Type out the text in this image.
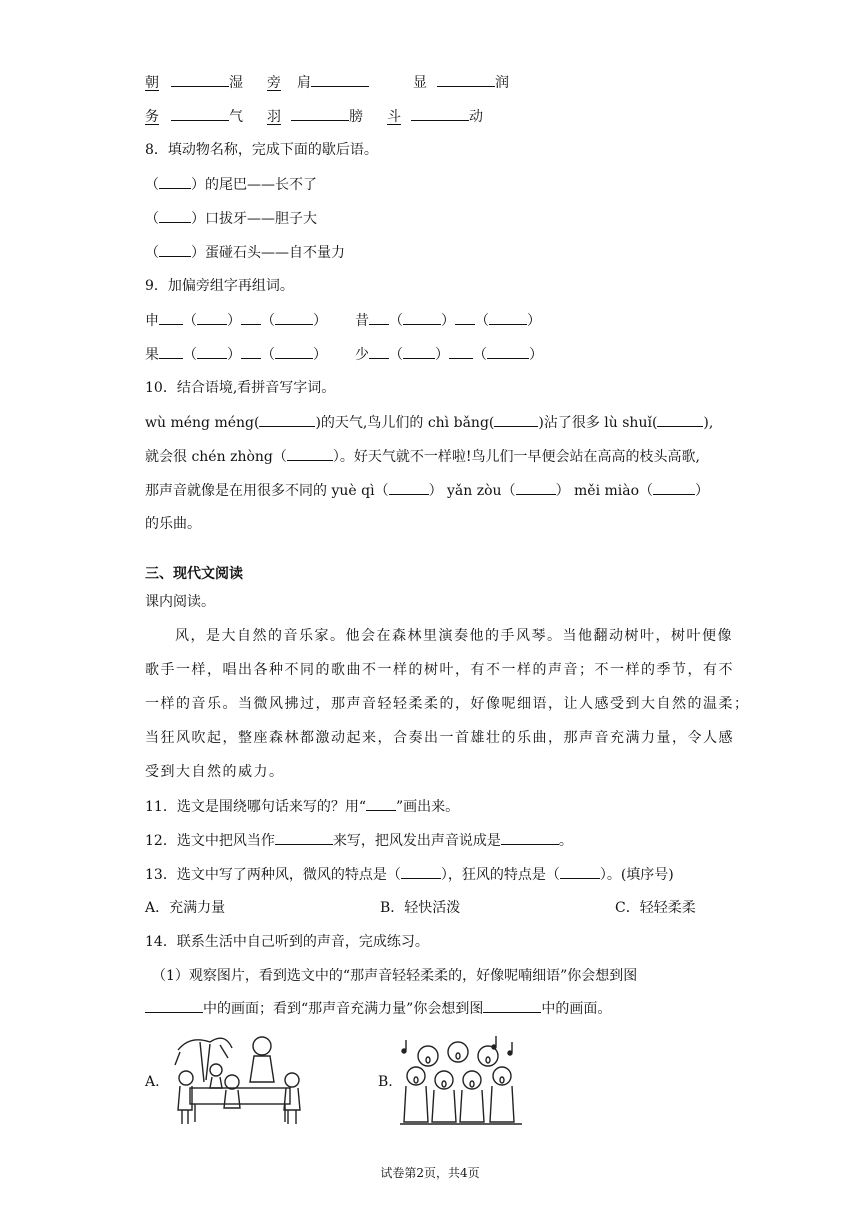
朝	湿 旁 肩	显	润
务	气 羽	膀 斗	动
8．填动物名称，完成下面的歇后语。
（ ）的尾巴——长不了
（ ）口拔牙——胆子大
（ ）蛋碰石头——自不量力
9．加偏旁组字再组词。
申 （ ） （	） 昔 （	） （	）
果 （ ） （	） 少 （ ） （	）
10．结合语境,看拼音写字词。
wù méng méng(	)的天气,鸟儿们的 chì bǎng(	)沾了很多 lù shuǐ(	),
就会很 chén zhòng（	）。好天气就不一样啦!鸟儿们一早便会站在高高的枝头高歌,
那声音就像是在用很多不同的 yuè qì（	） yǎn zòu（	） měi miào（	）
的乐曲。
三、现代文阅读
课内阅读。
风，是大自然的音乐家。他会在森林里演奏他的手风琴。当他翻动树叶，树叶便像
歌手一样，唱出各种不同的歌曲不一样的树叶，有不一样的声音；不一样的季节，有不
一样的音乐。当微风拂过，那声音轻轻柔柔的，好像呢细语，让人感受到大自然的温柔；
当狂风吹起，整座森林都激动起来，合奏出一首雄壮的乐曲，那声音充满力量，令人感
受到大自然的威力。
11．选文是围绕哪句话来写的？用“ ”画出来。
12．选文中把风当作	来写，把风发出声音说成是	。
13．选文中写了两种风，微风的特点是（	），狂风的特点是（	）。(填序号)
A．充满力量	B．轻快活泼	C．轻轻柔柔
14．联系生活中自己听到的声音，完成练习。
（1）观察图片，看到选文中的“那声音轻轻柔柔的，好像呢喃细语”你会想到图
中的画面；看到“那声音充满力量”你会想到图	中的画面。
A.	B.
试卷第2页，共4页
